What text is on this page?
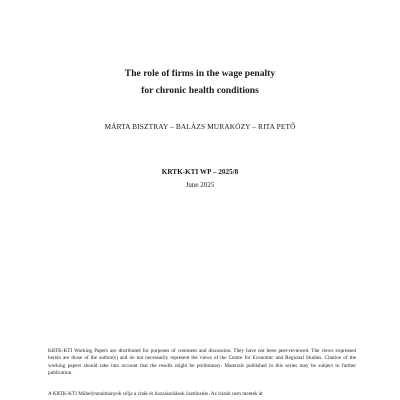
The role of firms in the wage penalty
for chronic health conditions

MÁRTA BISZTRAY – BALÁZS MURAKÖZY – RITA PETŐ

KRTK-KTI WP – 2025/8

June 2025

KRTK-KTI Working Papers are distributed for purposes of comment and discussion. They have not been peer-reviewed. The views expressed herein are those of the author(s) and do not necessarily represent the views of the Centre for Economic and Regional Studies. Citation of the working papers should take into account that the results might be preliminary. Materials published in this series may be subject to further publication.

A KRTK-KTI Műhelytanulmányok célja a viták és hozzászólások ösztönzése. Az írások nem mentek át
